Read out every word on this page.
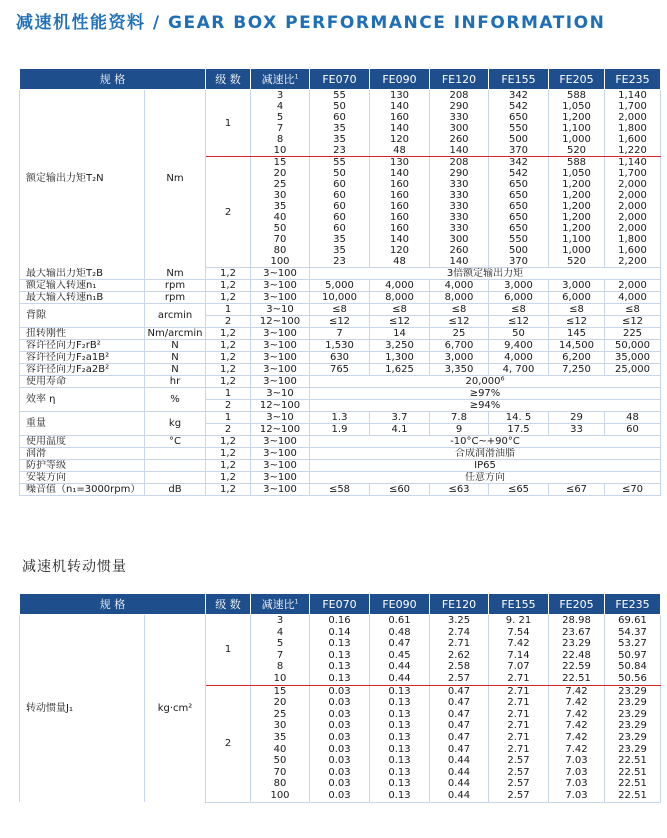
减速机性能资料 / GEAR BOX PERFORMANCE INFORMATION
规 格		级 数	减速比$^1$	FE070	FE090	FE120	FE155	FE205	FE235
额定输出力矩T₂N	Nm	1	3	55	130	208	342	588	1,140
			4	50	140	290	542	1,050	1,700
			5	60	160	330	650	1,200	2,000
			7	35	140	300	550	1,100	1,800
			8	35	120	260	500	1,000	1,600
			10	23	48	140	370	520	1,220
		2	15	55	130	208	342	588	1,140
			20	50	140	290	542	1,050	1,700
			25	60	160	330	650	1,200	2,000
			30	60	160	330	650	1,200	2,000
			35	60	160	330	650	1,200	2,000
			40	60	160	330	650	1,200	2,000
			50	60	160	330	650	1,200	2,000
			70	35	140	300	550	1,100	1,800
			80	35	120	260	500	1,000	1,600
			100	23	48	140	370	520	2,200
最大输出力矩T₂B	Nm	1,2	3~100	3倍额定输出力矩					
额定输入转速n₁	rpm	1,2	3~100	5,000	4,000	4,000	3,000	3,000	2,000
最大输入转速n₁B	rpm	1,2	3~100	10,000	8,000	8,000	6,000	6,000	4,000
背隙	arcmin	1	3~10	≤8	≤8	≤8	≤8	≤8	≤8
		2	12~100	≤12	≤12	≤12	≤12	≤12	≤12
扭转刚性	Nm/arcmin	1,2	3~100	7	14	25	50	145	225
容许径向力F₂rB²	N	1,2	3~100	1,530	3,250	6,700	9,400	14,500	50,000
容许径向力F₂a1B²	N	1,2	3~100	630	1,300	3,000	4,000	6,200	35,000
容许径向力F₂a2B²	N	1,2	3~100	765	1,625	3,350	4, 700	7,250	25,000
使用寿命	hr	1,2	3~100	20,000⁶					
效率 η	%	1	3~10	≥97%					
		2	12~100	≥94%					
重量	kg	1	3~10	1.3	3.7	7.8	14. 5	29	48
		2	12~100	1.9	4.1	9	17.5	33	60
使用温度	°C	1,2	3~100	-10°C~+90°C					
润滑		1,2	3~100	合成润滑油脂					
防护等级		1,2	3~100	IP65					
安装方向		1,2	3~100	任意方向					
噪音值（n₁=3000rpm）	dB	1,2	3~100	≤58	≤60	≤63	≤65	≤67	≤70
减速机转动惯量
规 格		级 数	减速比$^1$	FE070	FE090	FE120	FE155	FE205	FE235
转动惯量J₁	kg·cm²	1	3	0.16	0.61	3.25	9. 21	28.98	69.61
			4	0.14	0.48	2.74	7.54	23.67	54.37
			5	0.13	0.47	2.71	7.42	23.29	53.27
			7	0.13	0.45	2.62	7.14	22.48	50.97
			8	0.13	0.44	2.58	7.07	22.59	50.84
			10	0.13	0.44	2.57	2.71	22.51	50.56
		2	15	0.03	0.13	0.47	2.71	7.42	23.29
			20	0.03	0.13	0.47	2.71	7.42	23.29
			25	0.03	0.13	0.47	2.71	7.42	23.29
			30	0.03	0.13	0.47	2.71	7.42	23.29
			35	0.03	0.13	0.47	2.71	7.42	23.29
			40	0.03	0.13	0.47	2.71	7.42	23.29
			50	0.03	0.13	0.44	2.57	7.03	22.51
			70	0.03	0.13	0.44	2.57	7.03	22.51
			80	0.03	0.13	0.44	2.57	7.03	22.51
			100	0.03	0.13	0.44	2.57	7.03	22.51
